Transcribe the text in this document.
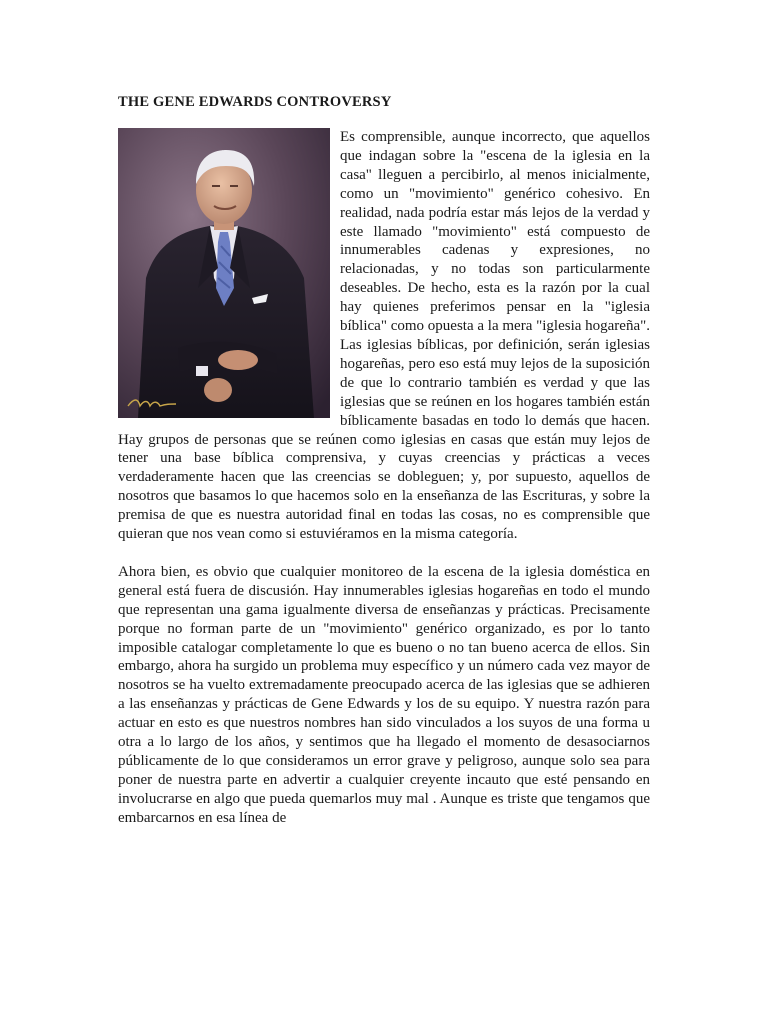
THE GENE EDWARDS CONTROVERSY

Es comprensible, aunque incorrecto, que aquellos que indagan sobre la "escena de la iglesia en la casa" lleguen a percibirlo, al menos inicialmente, como un "movimiento" genérico cohesivo. En realidad, nada podría estar más lejos de la verdad y este llamado "movimiento" está compuesto de innumerables cadenas y expresiones, no relacionadas, y no todas son particularmente deseables. De hecho, esta es la razón por la cual hay quienes preferimos pensar en la "iglesia bíblica" como opuesta a la mera "iglesia hogareña". Las iglesias bíblicas, por definición, serán iglesias hogareñas, pero eso está muy lejos de la suposición de que lo contrario también es verdad y que las iglesias que se reúnen en los hogares también están bíblicamente basadas en todo lo demás que hacen. Hay grupos de personas que se reúnen como iglesias en casas que están muy lejos de tener una base bíblica comprensiva, y cuyas creencias y prácticas a veces verdaderamente hacen que las creencias se dobleguen; y, por supuesto, aquellos de nosotros que basamos lo que hacemos solo en la enseñanza de las Escrituras, y sobre la premisa de que es nuestra autoridad final en todas las cosas, no es comprensible que quieran que nos vean como si estuviéramos en la misma categoría.

Ahora bien, es obvio que cualquier monitoreo de la escena de la iglesia doméstica en general está fuera de discusión. Hay innumerables iglesias hogareñas en todo el mundo que representan una gama igualmente diversa de enseñanzas y prácticas. Precisamente porque no forman parte de un "movimiento" genérico organizado, es por lo tanto imposible catalogar completamente lo que es bueno o no tan bueno acerca de ellos. Sin embargo, ahora ha surgido un problema muy específico y un número cada vez mayor de nosotros se ha vuelto extremadamente preocupado acerca de las iglesias que se adhieren a las enseñanzas y prácticas de Gene Edwards y los de su equipo. Y nuestra razón para actuar en esto es que nuestros nombres han sido vinculados a los suyos de una forma u otra a lo largo de los años, y sentimos que ha llegado el momento de desasociarnos públicamente de lo que consideramos un error grave y peligroso, aunque solo sea para poner de nuestra parte en advertir a cualquier creyente incauto que esté pensando en involucrarse en algo que pueda quemarlos muy mal . Aunque es triste que tengamos que embarcarnos en esa línea de
